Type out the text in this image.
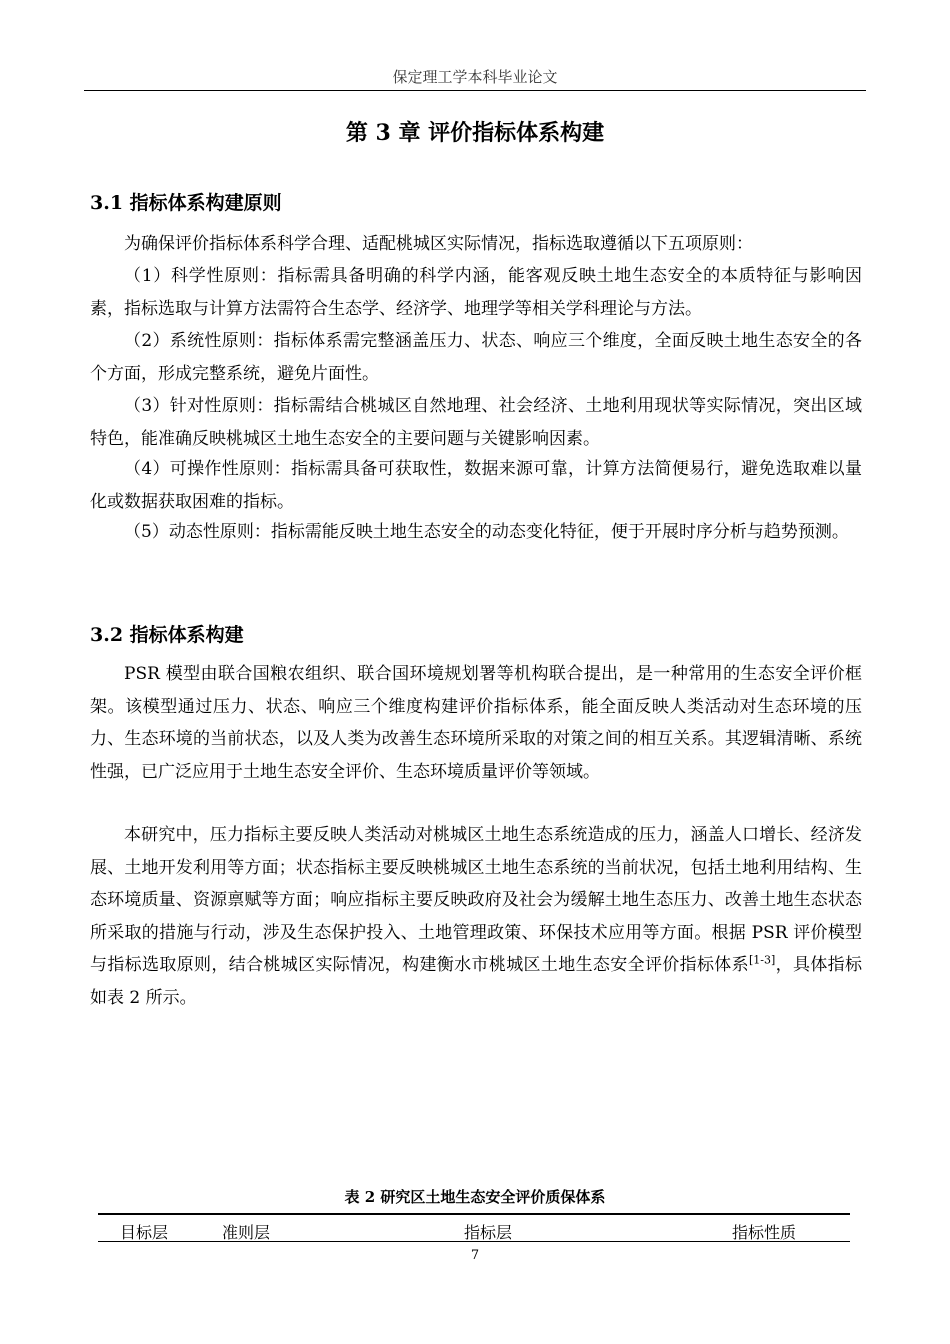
保定理工学本科毕业论文
第 3 章 评价指标体系构建
3.1 指标体系构建原则

为确保评价指标体系科学合理、适配桃城区实际情况，指标选取遵循以下五项原则：

（1）科学性原则：指标需具备明确的科学内涵，能客观反映土地生态安全的本质特征与影响因素，指标选取与计算方法需符合生态学、经济学、地理学等相关学科理论与方法。

（2）系统性原则：指标体系需完整涵盖压力、状态、响应三个维度，全面反映土地生态安全的各个方面，形成完整系统，避免片面性。

（3）针对性原则：指标需结合桃城区自然地理、社会经济、土地利用现状等实际情况，突出区域特色，能准确反映桃城区土地生态安全的主要问题与关键影响因素。

（4）可操作性原则：指标需具备可获取性，数据来源可靠，计算方法简便易行，避免选取难以量化或数据获取困难的指标。

（5）动态性原则：指标需能反映土地生态安全的动态变化特征，便于开展时序分析与趋势预测。

3.2 指标体系构建

PSR 模型由联合国粮农组织、联合国环境规划署等机构联合提出，是一种常用的生态安全评价框架。该模型通过压力、状态、响应三个维度构建评价指标体系，能全面反映人类活动对生态环境的压力、生态环境的当前状态，以及人类为改善生态环境所采取的对策之间的相互关系。其逻辑清晰、系统性强，已广泛应用于土地生态安全评价、生态环境质量评价等领域。

本研究中，压力指标主要反映人类活动对桃城区土地生态系统造成的压力，涵盖人口增长、经济发展、土地开发利用等方面；状态指标主要反映桃城区土地生态系统的当前状况，包括土地利用结构、生态环境质量、资源禀赋等方面；响应指标主要反映政府及社会为缓解土地生态压力、改善土地生态状态所采取的措施与行动，涉及生态保护投入、土地管理政策、环保技术应用等方面。根据 PSR 评价模型与指标选取原则，结合桃城区实际情况，构建衡水市桃城区土地生态安全评价指标体系[1-3]，具体指标如表 2 所示。

表 2 研究区土地生态安全评价质保体系
目标层	准则层	指标层	指标性质
7
